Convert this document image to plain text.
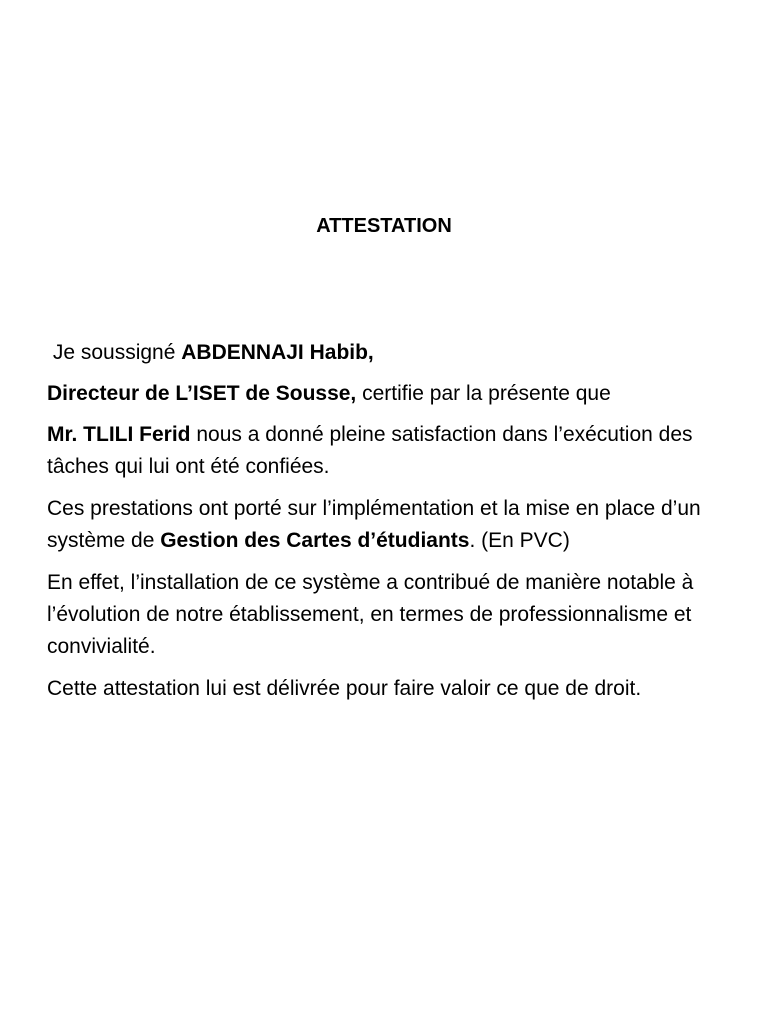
ATTESTATION

Je soussigné ABDENNAJI Habib,

Directeur de L’ISET de Sousse, certifie par la présente que

Mr. TLILI Ferid nous a donné pleine satisfaction dans l’exécution des tâches qui lui ont été confiées.

Ces prestations ont porté sur l’implémentation et la mise en place d’un système de Gestion des Cartes d’étudiants. (En PVC)

En effet, l’installation de ce système a contribué de manière notable à l’évolution de notre établissement, en termes de professionnalisme et convivialité.

Cette attestation lui est délivrée pour faire valoir ce que de droit.
